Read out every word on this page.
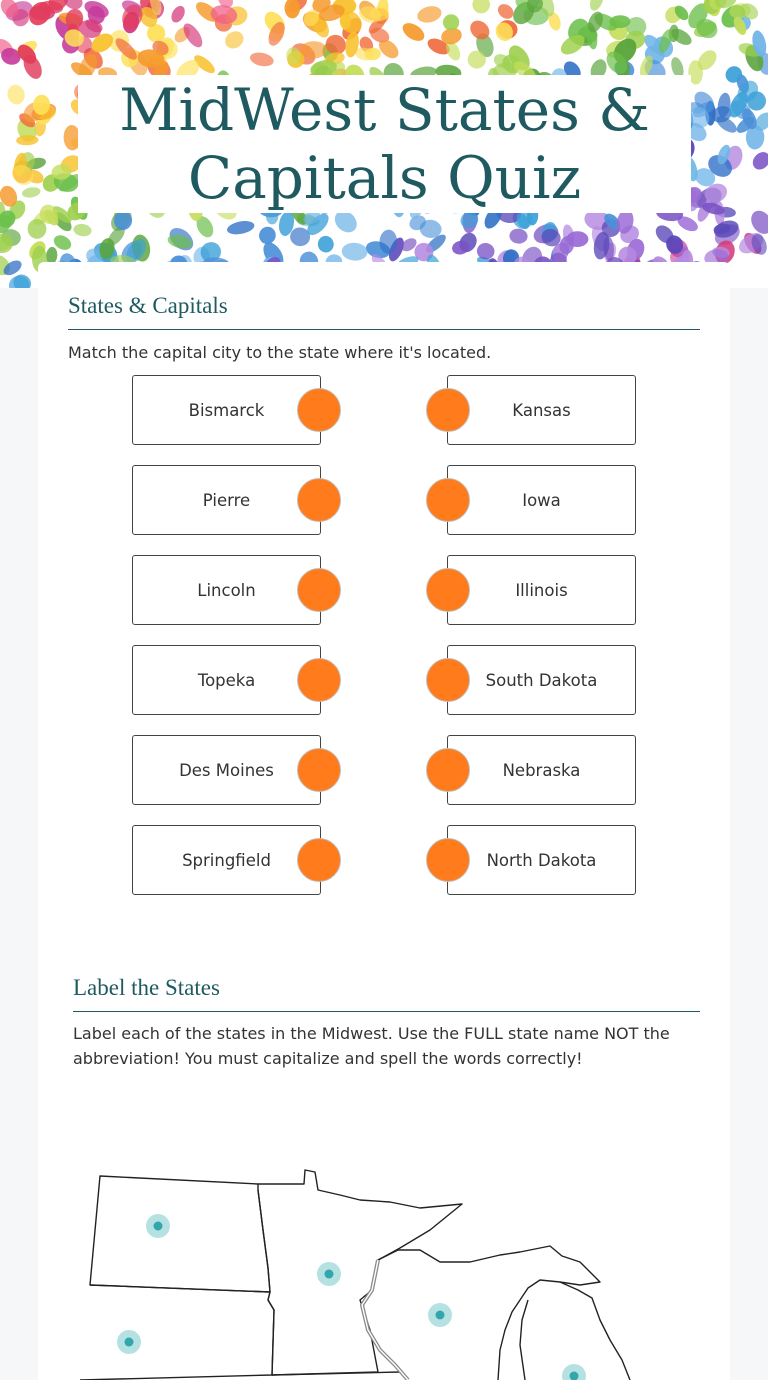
MidWest States & Capitals Quiz
States & Capitals
Match the capital city to the state where it's located.
Bismarck
Pierre
Lincoln
Topeka
Des Moines
Springfield
Kansas
Iowa
Illinois
South Dakota
Nebraska
North Dakota
Label the States
Label each of the states in the Midwest. Use the FULL state name NOT the
abbreviation! You must capitalize and spell the words correctly!
